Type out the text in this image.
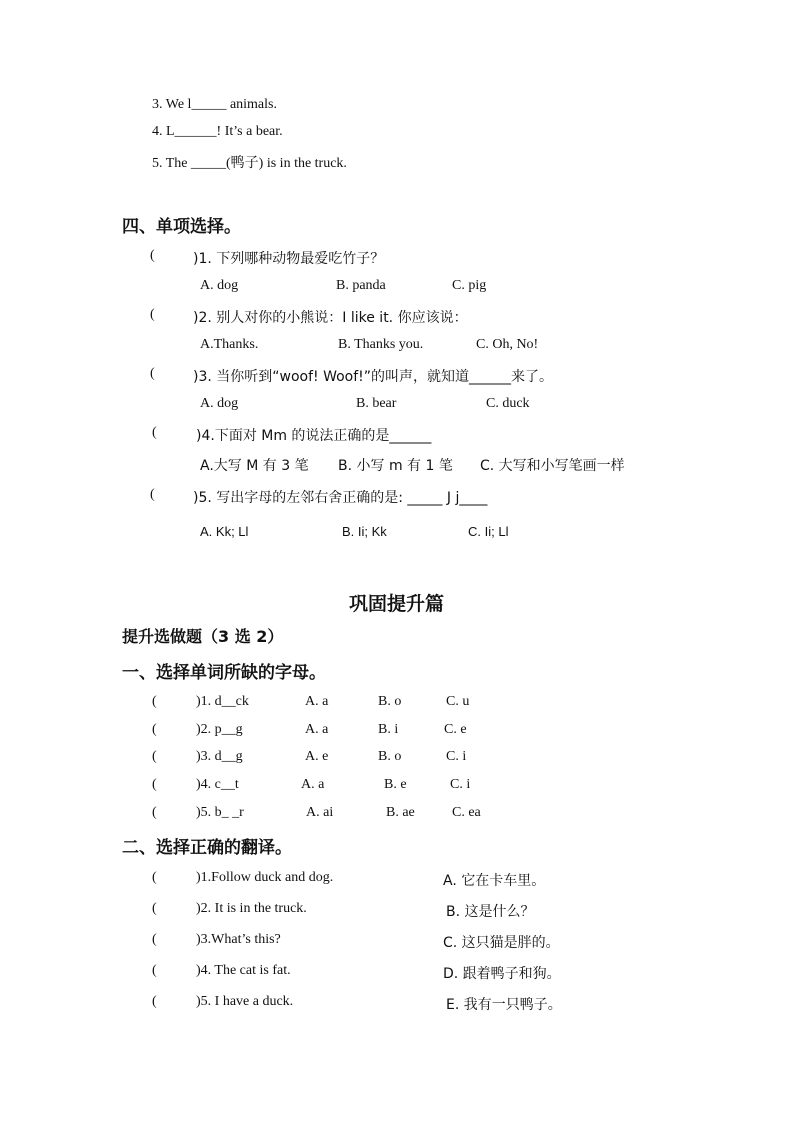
3. We l_____ animals.
4. L______! It’s a bear.
5. The _____(鸭子) is in the truck.
四、单项选择。
(	)1. 下列哪种动物最爱吃竹子？
A. dog	B. panda	C. pig
(	)2. 别人对你的小熊说：I like it. 你应该说：
A.Thanks.	B. Thanks you.	C. Oh, No!
(	)3. 当你听到“woof! Woof!”的叫声，就知道______来了。
A. dog	B. bear	C. duck
(	)4.下面对 Mm 的说法正确的是______
A.大写 M 有 3 笔 B. 小写 m 有 1 笔 C. 大写和小写笔画一样
(	)5. 写出字母的左邻右舍正确的是: _____ J j____
A. Kk; Ll	B. Ii; Kk	C. Ii; Ll
巩固提升篇
提升选做题（3 选 2）
一、选择单词所缺的字母。
(	)1. d__ck	A. a	B. o	C. u
(	)2. p__g	A. a	B. i	C. e
(	)3. d__g	A. e	B. o	C. i
(	)4. c__t	A. a	B. e	C. i
(	)5. b_ _r	A. ai	B. ae	C. ea
二、选择正确的翻译。
(	)1.Follow duck and dog.	A. 它在卡车里。
(	)2. It is in the truck.	B. 这是什么？
(	)3.What’s this?	C. 这只猫是胖的。
(	)4. The cat is fat.	D. 跟着鸭子和狗。
(	)5. I have a duck.	E. 我有一只鸭子。
